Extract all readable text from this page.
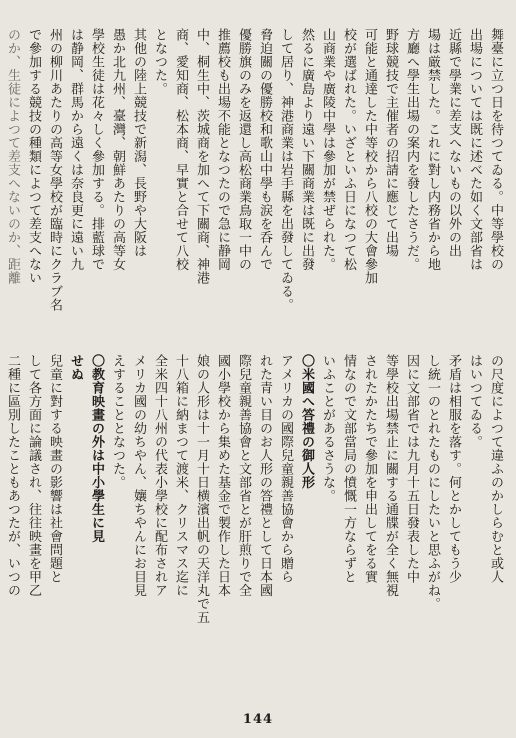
舞臺に立つ日を待つてゐる。中等學校の
出場については既に述べた如く文部省は
近縣で學業に差支へないもの以外の出
場は厳禁した。これに對し内務省から地
方廳へ學生出場の案内を發したさうだ。
野球競技で主催者の招請に應じて出場
可能と通達した中等校から八校の大會參加
校が選ばれた。いざといふ日になつて松
山商業や廣陵中學は參加が禁ぜられた。
然るに廣島より遠い下關商業は既に出發
して居り、神港商業は岩手縣を出發してゐる。
脅迫關の優勝校和歌山中學も涙を呑んで
優勝旗のみを返還し高松商業鳥取一中の
推薦校も出場不能となつたので急に静岡
中、桐生中、茨城商を加へて下關商、神港
商、愛知商、松本商、早實と合せて八校
となつた。
其他の陸上競技で新潟、長野や大阪は
愚か北九州、臺灣、朝鮮あたりの高等女
學校生徒は花々しく參加する。排藍球で
は静岡、群馬から遠くは奈良更に遠い九
州の柳川あたりの高等女學校が臨時にクラブ名
で參加する競技の種類によつて差支へない
のか、生徒によつて差支へないのか、距離
の尺度によつて違ふのかしらむと或人
はいつてゐる。
矛盾は相服を落す。何とかしてもう少
し統一のとれたものにしたいと思ふがね。
因に文部省では九月十五日發表した中
等學校出場禁止に關する通牒が全く無視
されたかたちで參加を申出してをる實
情なので文部當局の憤慨一方ならずと
いふことがあるさうな。
〇米國へ答禮の御人形
アメリカの國際兒童親善協會から贈ら
れた青い目のお人形の答禮として日本國
際兒童親善協會と文部省とが肝煎りで全
國小學校から集めた基金で製作した日本
娘の人形は十一月十日横濱出帆の天洋丸で五
十八箱に納まつて渡米、クリスマス迄に
全米四十八州の代表小學校に配布されア
メリカ國の幼ちやん、孃ちやんにお目見
えすることとなつた。
〇教育映畫の外は中小學生に見
せぬ
兒童に對する映畫の影響は社會問題と
して各方面に論議され、往往映畫を甲乙
二種に區別したこともあつたが、いつの
144
